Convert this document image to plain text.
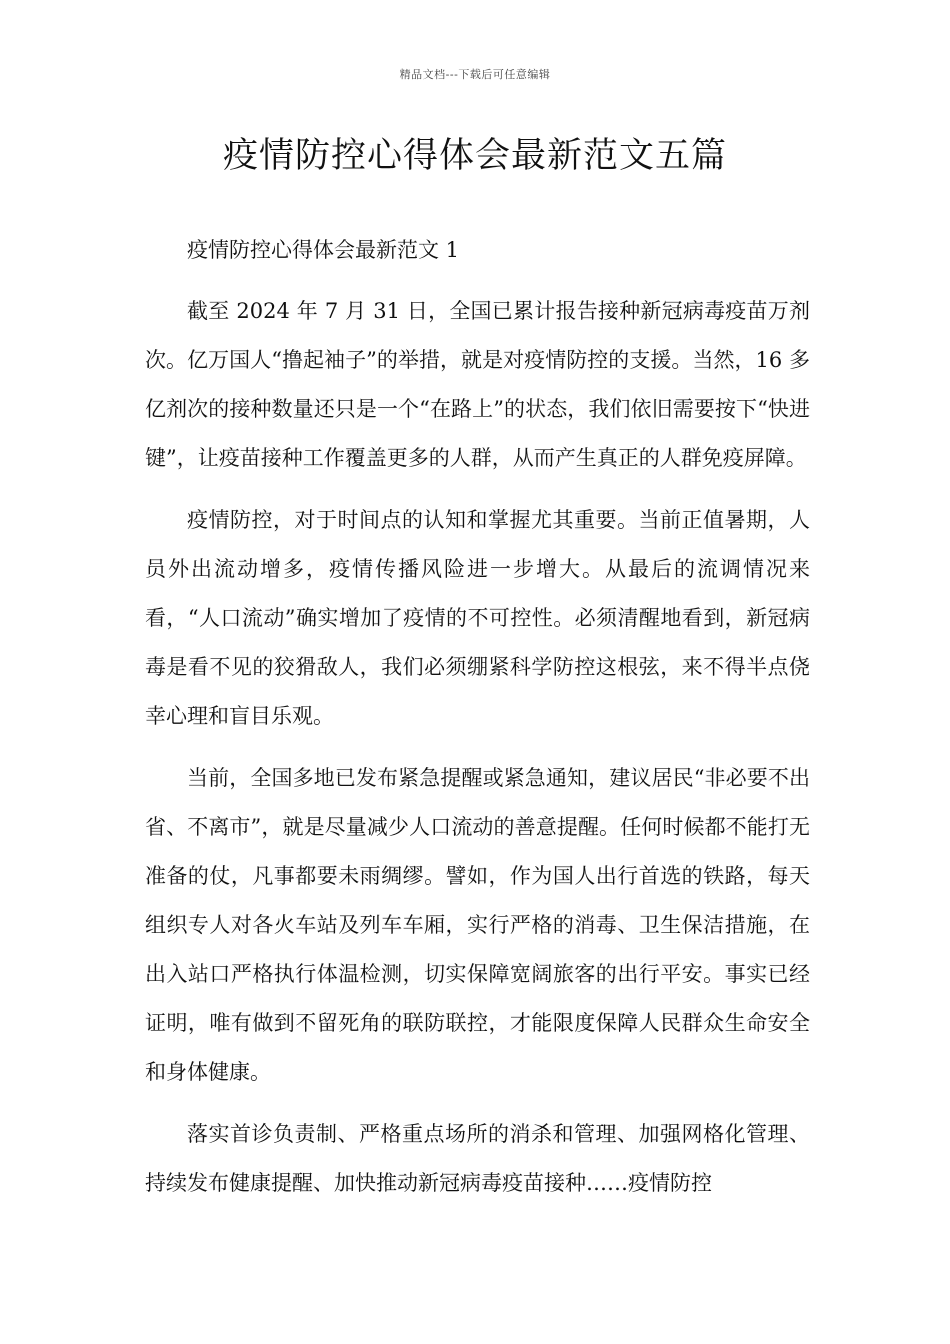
精品文档---下载后可任意编辑
疫情防控心得体会最新范文五篇

疫情防控心得体会最新范文 1

截至 2024 年 7 月 31 日，全国已累计报告接种新冠病毒疫苗万剂次。亿万国人“撸起袖子”的举措，就是对疫情防控的支援。当然，16 多亿剂次的接种数量还只是一个“在路上”的状态，我们依旧需要按下“快进键”，让疫苗接种工作覆盖更多的人群，从而产生真正的人群免疫屏障。

疫情防控，对于时间点的认知和掌握尤其重要。当前正值暑期，人员外出流动增多，疫情传播风险进一步增大。从最后的流调情况来看，“人口流动”确实增加了疫情的不可控性。必须清醒地看到，新冠病毒是看不见的狡猾敌人，我们必须绷紧科学防控这根弦，来不得半点侥幸心理和盲目乐观。

当前，全国多地已发布紧急提醒或紧急通知，建议居民“非必要不出省、不离市”，就是尽量减少人口流动的善意提醒。任何时候都不能打无准备的仗，凡事都要未雨绸缪。譬如，作为国人出行首选的铁路，每天组织专人对各火车站及列车车厢，实行严格的消毒、卫生保洁措施，在出入站口严格执行体温检测，切实保障宽阔旅客的出行平安。事实已经证明，唯有做到不留死角的联防联控，才能限度保障人民群众生命安全和身体健康。

落实首诊负责制、严格重点场所的消杀和管理、加强网格化管理、持续发布健康提醒、加快推动新冠病毒疫苗接种……疫情防控
